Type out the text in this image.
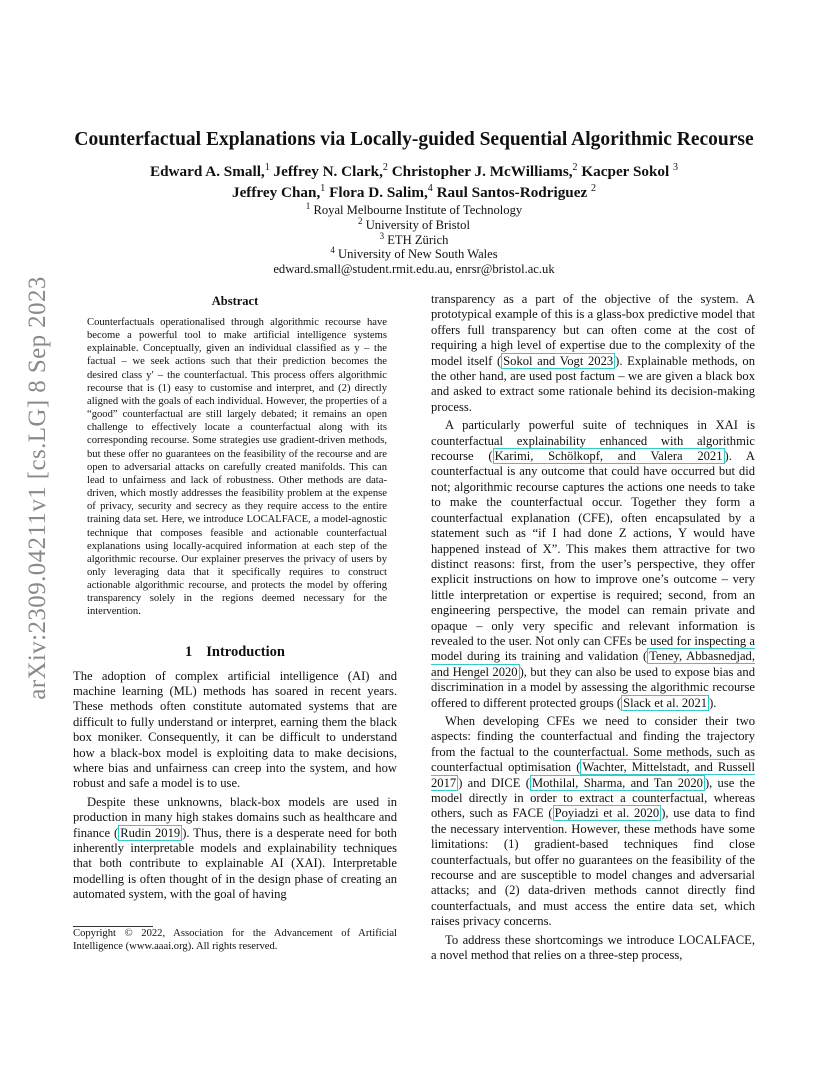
arXiv:2309.04211v1 [cs.LG] 8 Sep 2023
Counterfactual Explanations via Locally-guided Sequential Algorithmic Recourse
Edward A. Small,$^1$ Jeffrey N. Clark,$^2$ Christopher J. McWilliams,$^2$ Kacper Sokol $^3$
Jeffrey Chan,$^1$ Flora D. Salim,$^4$ Raul Santos-Rodriguez $^2$
$^1$ Royal Melbourne Institute of Technology
$^2$ University of Bristol
$^3$ ETH Zürich
$^4$ University of New South Wales
edward.small@student.rmit.edu.au, enrsr@bristol.ac.uk
Abstract

Counterfactuals operationalised through algorithmic recourse have become a powerful tool to make artificial intelligence systems explainable. Conceptually, given an individual classified as y – the factual – we seek actions such that their prediction becomes the desired class y′ – the counterfactual. This process offers algorithmic recourse that is (1) easy to customise and interpret, and (2) directly aligned with the goals of each individual. However, the properties of a “good” counterfactual are still largely debated; it remains an open challenge to effectively locate a counterfactual along with its corresponding recourse. Some strategies use gradient-driven methods, but these offer no guarantees on the feasibility of the recourse and are open to adversarial attacks on carefully created manifolds. This can lead to unfairness and lack of robustness. Other methods are data-driven, which mostly addresses the feasibility problem at the expense of privacy, security and secrecy as they require access to the entire training data set. Here, we introduce LOCALFACE, a model-agnostic technique that composes feasible and actionable counterfactual explanations using locally-acquired information at each step of the algorithmic recourse. Our explainer preserves the privacy of users by only leveraging data that it specifically requires to construct actionable algorithmic recourse, and protects the model by offering transparency solely in the regions deemed necessary for the intervention.

1 Introduction

The adoption of complex artificial intelligence (AI) and machine learning (ML) methods has soared in recent years. These methods often constitute automated systems that are difficult to fully understand or interpret, earning them the black box moniker. Consequently, it can be difficult to understand how a black-box model is exploiting data to make decisions, where bias and unfairness can creep into the system, and how robust and safe a model is to use.

Despite these unknowns, black-box models are used in production in many high stakes domains such as healthcare and finance ( Rudin 2019 ). Thus, there is a desperate need for both inherently interpretable models and explainability techniques that both contribute to explainable AI (XAI). Interpretable modelling is often thought of in the design phase of creating an automated system, with the goal of having

Copyright © 2022, Association for the Advancement of Artificial Intelligence (www.aaai.org). All rights reserved.

transparency as a part of the objective of the system. A prototypical example of this is a glass-box predictive model that offers full transparency but can often come at the cost of requiring a high level of expertise due to the complexity of the model itself ( Sokol and Vogt 2023 ). Explainable methods, on the other hand, are used post factum – we are given a black box and asked to extract some rationale behind its decision-making process.

A particularly powerful suite of techniques in XAI is counterfactual explainability enhanced with algorithmic recourse ( Karimi, Schölkopf, and Valera 2021 ). A counterfactual is any outcome that could have occurred but did not; algorithmic recourse captures the actions one needs to take to make the counterfactual occur. Together they form a counterfactual explanation (CFE), often encapsulated by a statement such as “if I had done Z actions, Y would have happened instead of X”. This makes them attractive for two distinct reasons: first, from the user’s perspective, they offer explicit instructions on how to improve one’s outcome – very little interpretation or expertise is required; second, from an engineering perspective, the model can remain private and opaque – only very specific and relevant information is revealed to the user. Not only can CFEs be used for inspecting a model during its training and validation ( Teney, Abbasnedjad, and Hengel 2020 ), but they can also be used to expose bias and discrimination in a model by assessing the algorithmic recourse offered to different protected groups ( Slack et al. 2021 ).

When developing CFEs we need to consider their two aspects: finding the counterfactual and finding the trajectory from the factual to the counterfactual. Some methods, such as counterfactual optimisation ( Wachter, Mittelstadt, and Russell 2017 ) and DICE ( Mothilal, Sharma, and Tan 2020 ), use the model directly in order to extract a counterfactual, whereas others, such as FACE ( Poyiadzi et al. 2020 ), use data to find the necessary intervention. However, these methods have some limitations: (1) gradient-based techniques find close counterfactuals, but offer no guarantees on the feasibility of the recourse and are susceptible to model changes and adversarial attacks; and (2) data-driven methods cannot directly find counterfactuals, and must access the entire data set, which raises privacy concerns.

To address these shortcomings we introduce LOCALFACE, a novel method that relies on a three-step process,
